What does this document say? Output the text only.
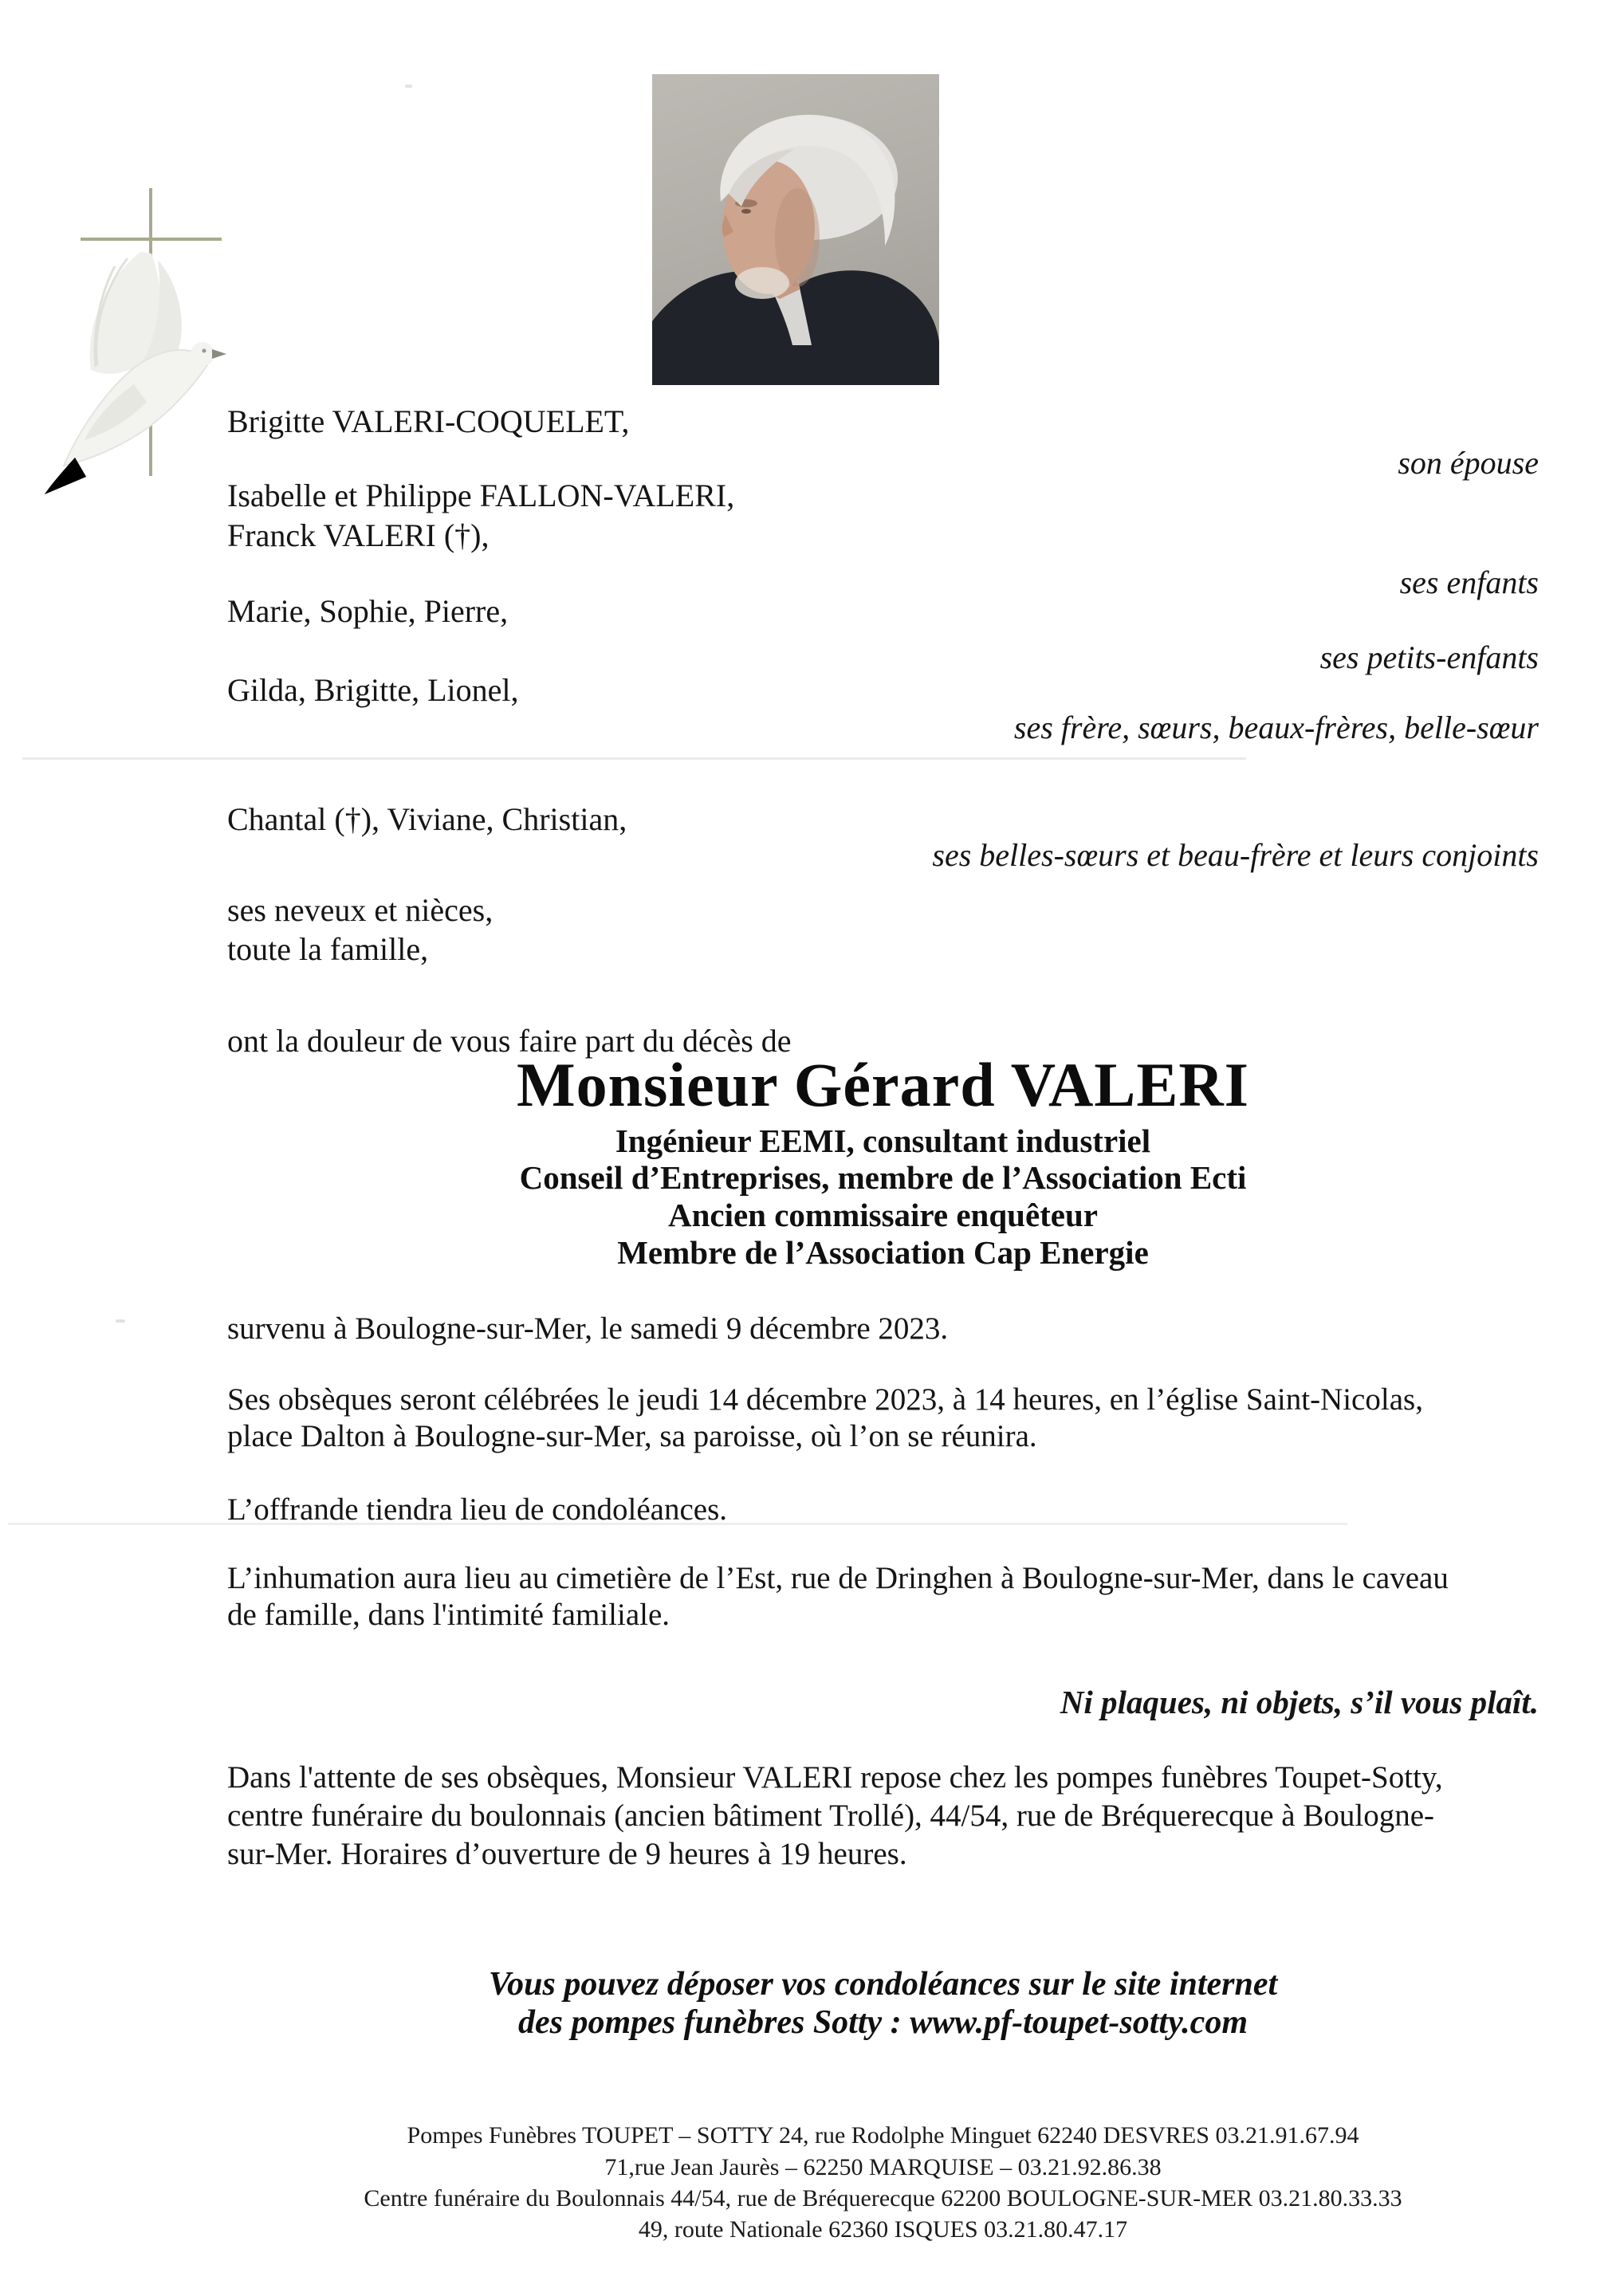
Brigitte VALERI-COQUELET,
Isabelle et Philippe FALLON-VALERI,
Franck VALERI (†),
Marie, Sophie, Pierre,
Gilda, Brigitte, Lionel,
Chantal (†), Viviane, Christian,
ses neveux et nièces,
toute la famille,
son épouse
ses enfants
ses petits-enfants
ses frère, sœurs, beaux-frères, belle-sœur
ses belles-sœurs et beau-frère et leurs conjoints
ont la douleur de vous faire part du décès de
Monsieur Gérard VALERI
Ingénieur EEMI, consultant industriel
Conseil d’Entreprises, membre de l’Association Ecti
Ancien commissaire enquêteur
Membre de l’Association Cap Energie
survenu à Boulogne-sur-Mer, le samedi 9 décembre 2023.
Ses obsèques seront célébrées le jeudi 14 décembre 2023, à 14 heures, en l’église Saint-Nicolas,
place Dalton à Boulogne-sur-Mer, sa paroisse, où l’on se réunira.
L’offrande tiendra lieu de condoléances.
L’inhumation aura lieu au cimetière de l’Est, rue de Dringhen à Boulogne-sur-Mer, dans le caveau
de famille, dans l'intimité familiale.
Ni plaques, ni objets, s’il vous plaît.
Dans l'attente de ses obsèques, Monsieur VALERI repose chez les pompes funèbres Toupet-Sotty,
centre funéraire du boulonnais (ancien bâtiment Trollé), 44/54, rue de Bréquerecque à Boulogne-
sur-Mer. Horaires d’ouverture de 9 heures à 19 heures.
Vous pouvez déposer vos condoléances sur le site internet
des pompes funèbres Sotty : www.pf-toupet-sotty.com
Pompes Funèbres TOUPET – SOTTY 24, rue Rodolphe Minguet 62240 DESVRES 03.21.91.67.94
71,rue Jean Jaurès – 62250 MARQUISE – 03.21.92.86.38
Centre funéraire du Boulonnais 44/54, rue de Bréquerecque 62200 BOULOGNE-SUR-MER 03.21.80.33.33
49, route Nationale 62360 ISQUES 03.21.80.47.17
